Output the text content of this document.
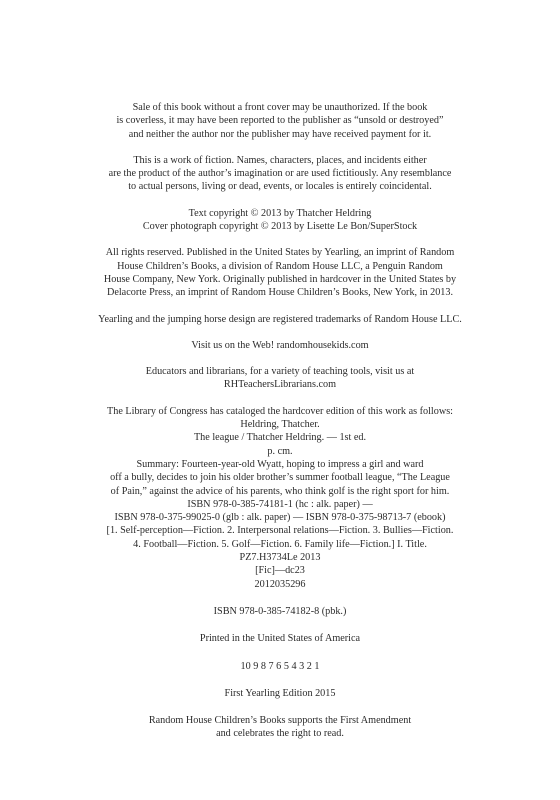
Sale of this book without a front cover may be unauthorized. If the book
is coverless, it may have been reported to the publisher as “unsold or destroyed”
and neither the author nor the publisher may have received payment for it.
This is a work of fiction. Names, characters, places, and incidents either
are the product of the author’s imagination or are used fictitiously. Any resemblance
to actual persons, living or dead, events, or locales is entirely coincidental.
Text copyright © 2013 by Thatcher Heldring
Cover photograph copyright © 2013 by Lisette Le Bon/SuperStock
All rights reserved. Published in the United States by Yearling, an imprint of Random
House Children’s Books, a division of Random House LLC, a Penguin Random
House Company, New York. Originally published in hardcover in the United States by
Delacorte Press, an imprint of Random House Children’s Books, New York, in 2013.
Yearling and the jumping horse design are registered trademarks of Random House LLC.
Visit us on the Web! randomhousekids.com
Educators and librarians, for a variety of teaching tools, visit us at
RHTeachersLibrarians.com
The Library of Congress has cataloged the hardcover edition of this work as follows:
Heldring, Thatcher.
The league / Thatcher Heldring. — 1st ed.
p. cm.
Summary: Fourteen-year-old Wyatt, hoping to impress a girl and ward
off a bully, decides to join his older brother’s summer football league, “The League
of Pain,” against the advice of his parents, who think golf is the right sport for him.
ISBN 978-0-385-74181-1 (hc : alk. paper) —
ISBN 978-0-375-99025-0 (glb : alk. paper) — ISBN 978-0-375-98713-7 (ebook)
[1. Self-perception—Fiction. 2. Interpersonal relations—Fiction. 3. Bullies—Fiction.
4. Football—Fiction. 5. Golf—Fiction. 6. Family life—Fiction.] I. Title.
PZ7.H3734Le 2013
[Fic]—dc23
2012035296
ISBN 978-0-385-74182-8 (pbk.)
Printed in the United States of America
10 9 8 7 6 5 4 3 2 1
First Yearling Edition 2015
Random House Children’s Books supports the First Amendment
and celebrates the right to read.
